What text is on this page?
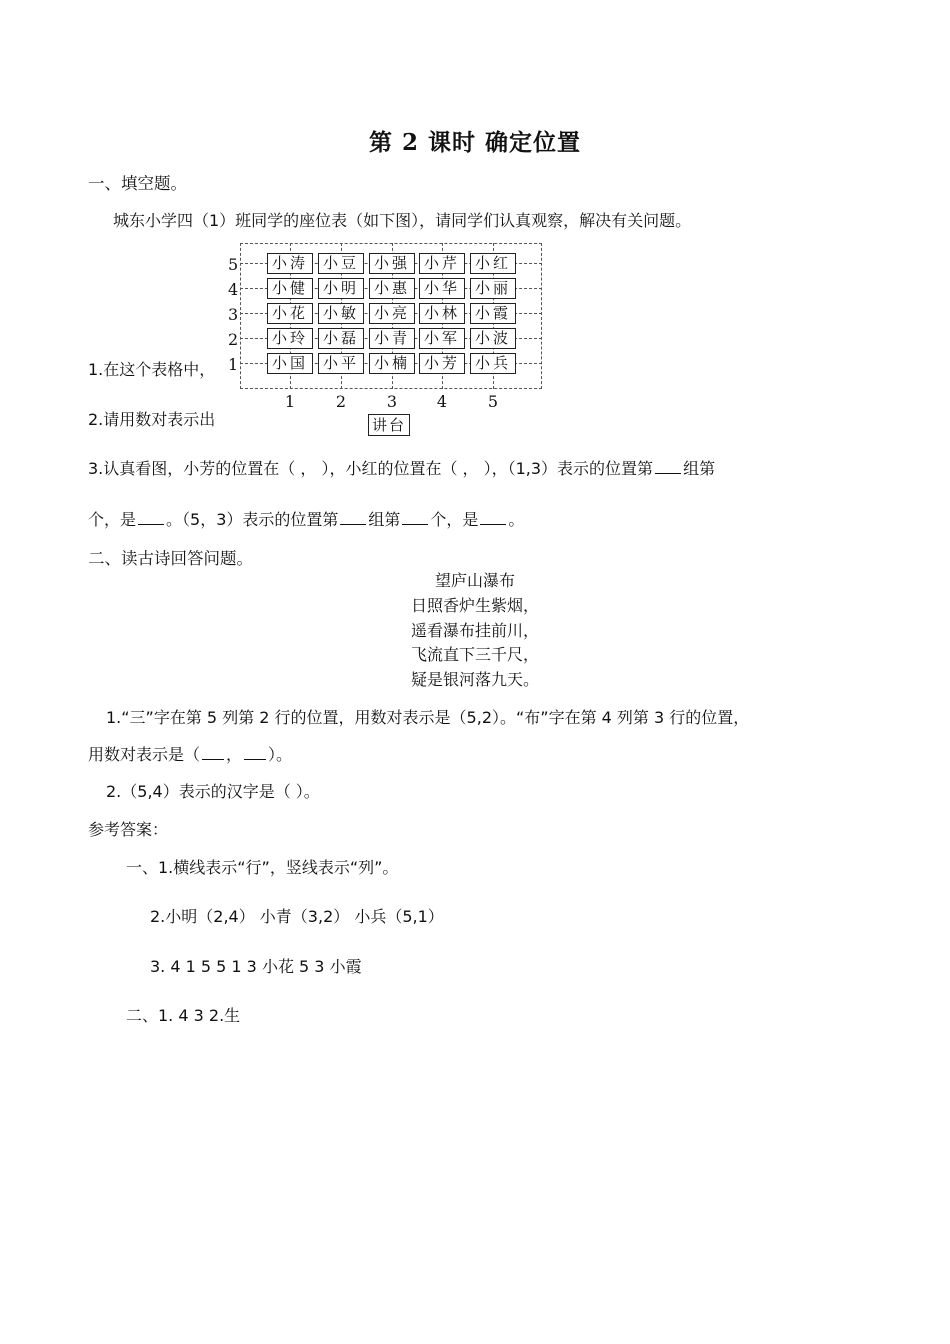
第 2 课时 确定位置
一、填空题。
城东小学四（1）班同学的座位表（如下图），请同学们认真观察，解决有关问题。
1.在这个表格中，
2.请用数对表示出
5	小涛 小豆 小强 小芹 小红
4	小健 小明 小惠 小华 小丽
3	小花 小敏 小亮 小林 小霞
2	小玲 小磊 小青 小军 小波
1	小国 小平 小楠 小芳 小兵
1	2	3	4	5
讲台
3.认真看图，小芳的位置在（ ， ），小红的位置在（ ， ），（1,3）表示的位置第 组第
个，是 。（5，3）表示的位置第 组第 个，是 。
二、读古诗回答问题。
望庐山瀑布
日照香炉生紫烟，
遥看瀑布挂前川，
飞流直下三千尺，
疑是银河落九天。
1.“三”字在第 5 列第 2 行的位置，用数对表示是（5,2）。“布”字在第 4 列第 3 行的位置，
用数对表示是（ ， ）。
2.（5,4）表示的汉字是（ ）。
参考答案：
一、1.横线表示“行”，竖线表示“列”。
2.小明（2,4） 小青（3,2） 小兵（5,1）
3. 4 1 5 5 1 3 小花 5 3 小霞
二、1. 4 3 2.生
